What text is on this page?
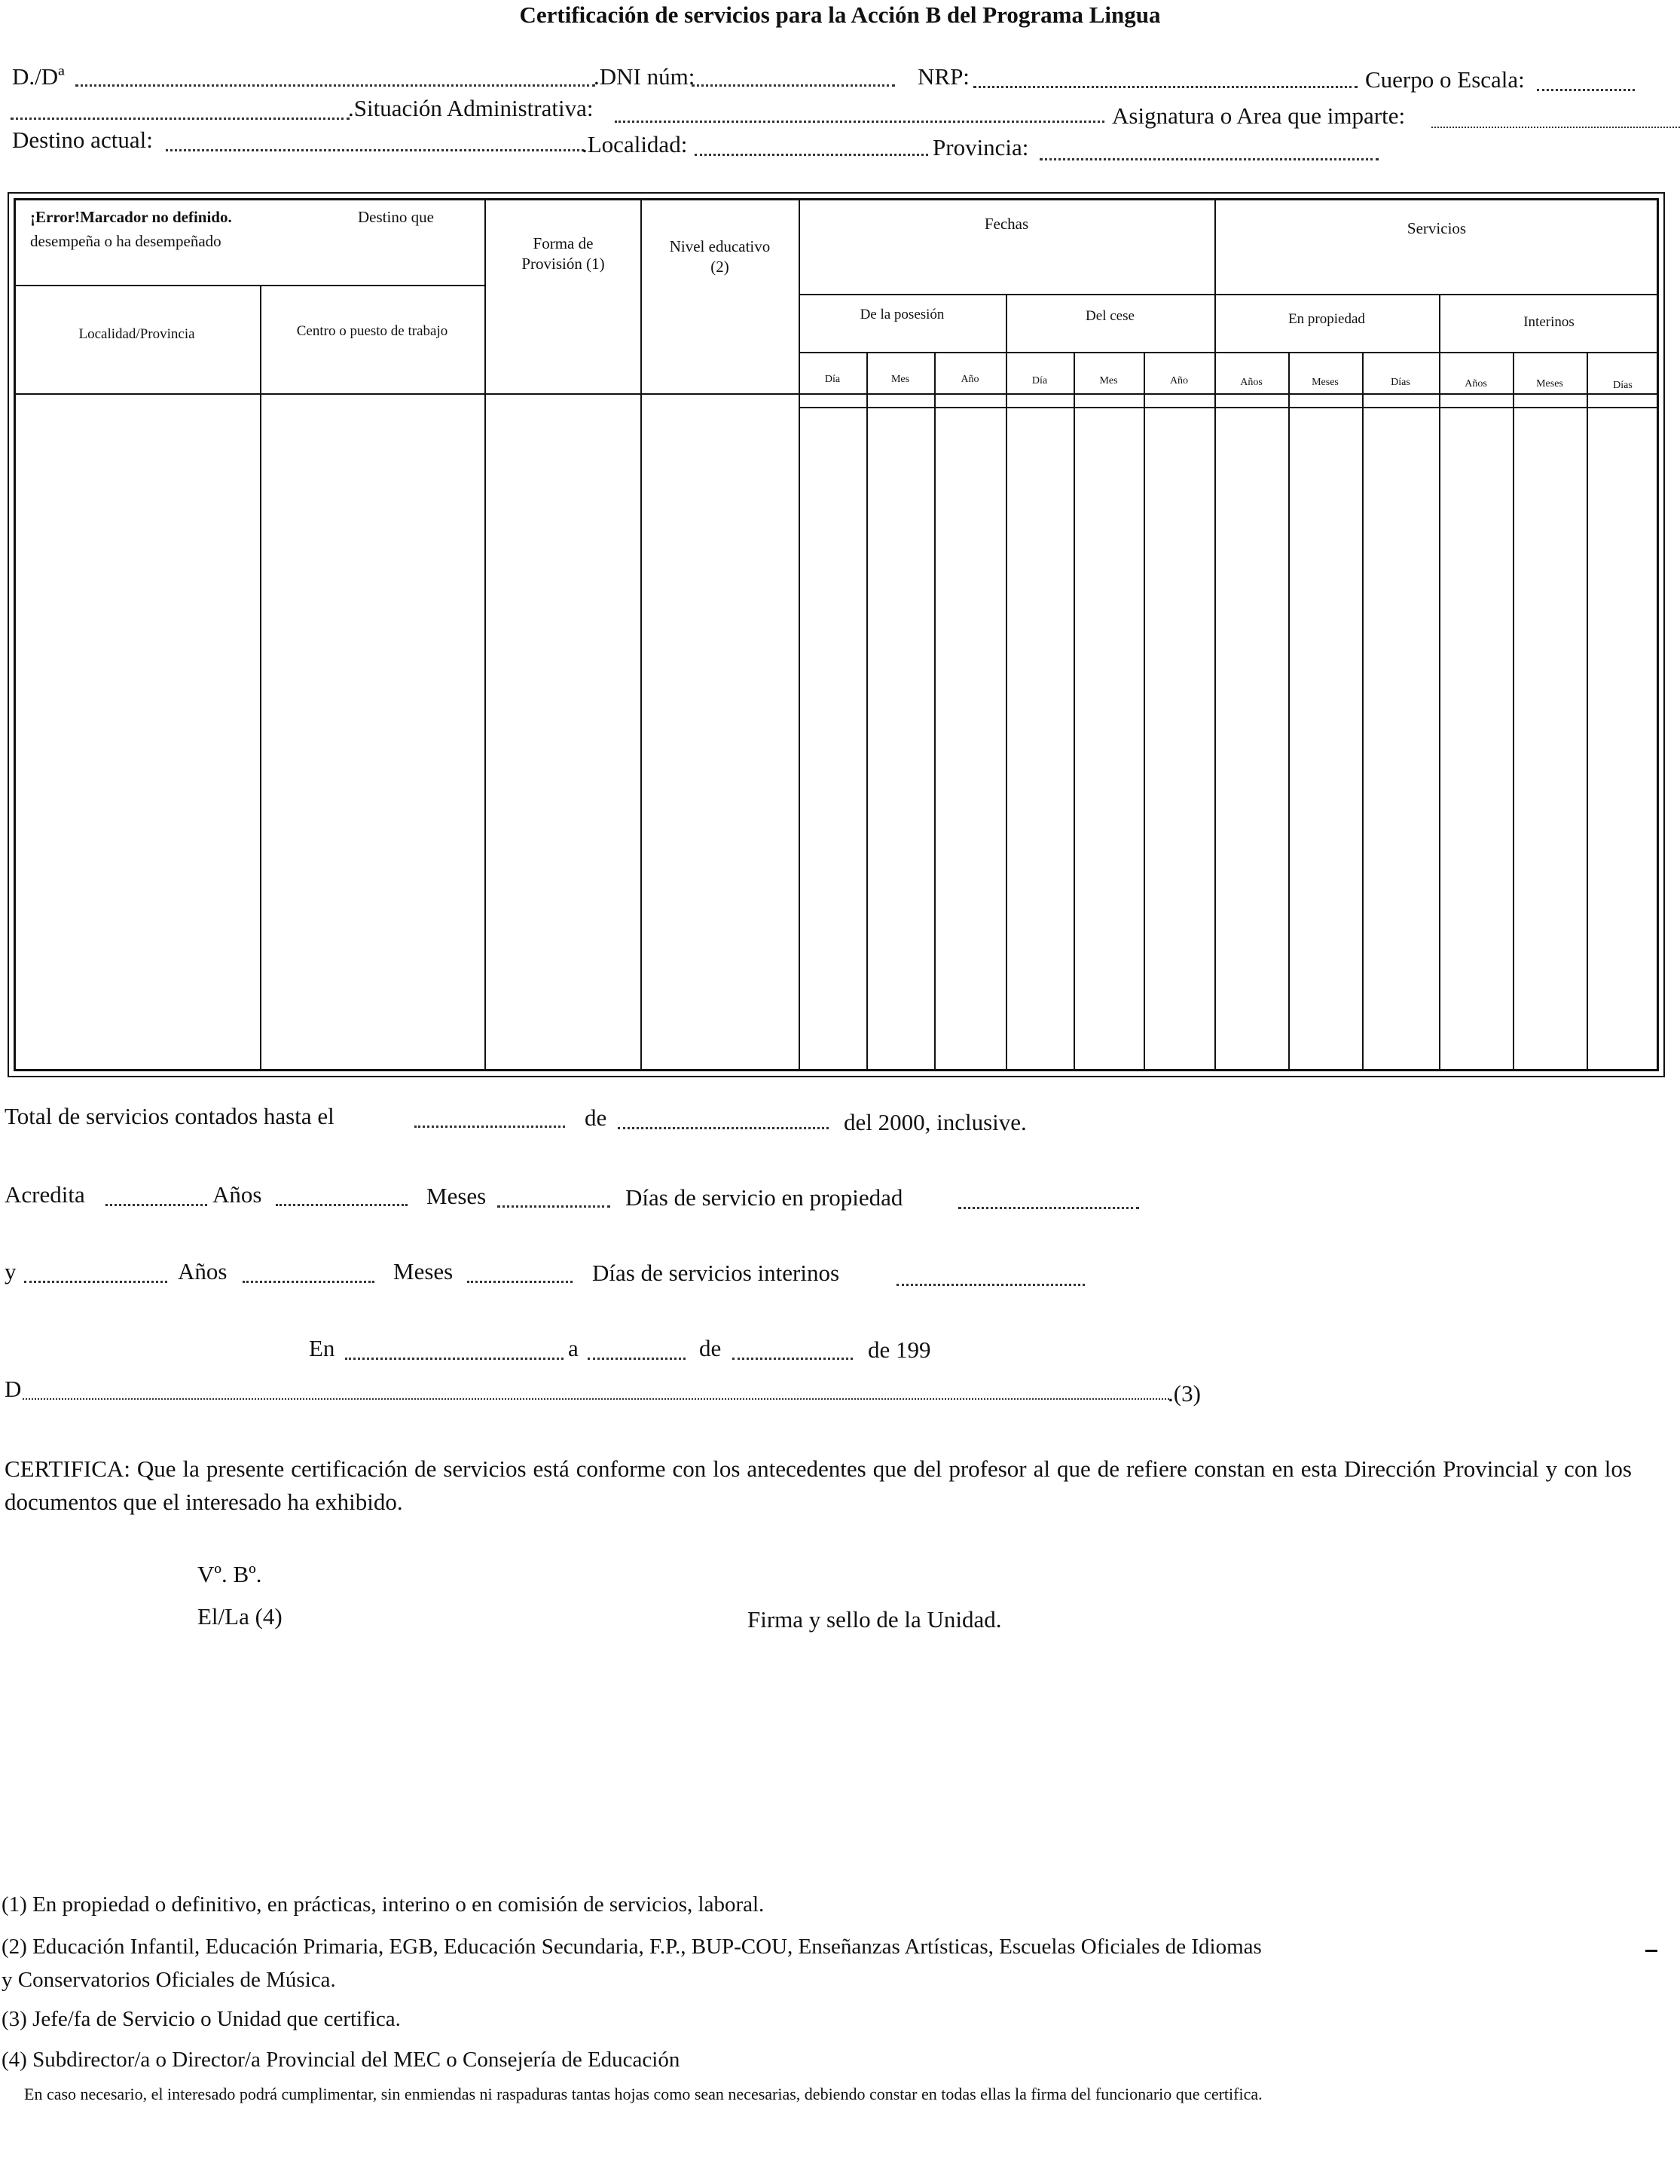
Certificación de servicios para la Acción B del Programa Lingua
D./Dª	.DNI núm:	NRP:	Cuerpo o Escala:
.Situación Administrativa:	Asignatura o Area que imparte:
Destino actual:	.Localidad:	Provincia:
¡Error!Marcador no definido.	Destino que
desempeña o ha desempeñado
Localidad/Provincia	Centro o puesto de trabajo
Forma de Provisión (1)
Nivel educativo (2)
Fechas
De la posesión	Del cese
Servicios
En propiedad	Interinos
Día	Mes	Año	Día	Mes	Año	Años	Meses	Días	Años	Meses	Días
Total de servicios contados hasta el	de	del 2000, inclusive.
Acredita	Años	Meses	Días de servicio en propiedad
y	Años	Meses	Días de servicios interinos
En	a	de	de 199
D	.(3)
CERTIFICA: Que la presente certificación de servicios está conforme con los antecedentes que del profesor al que de refiere constan en esta Dirección Provincial y con los documentos que el interesado ha exhibido.
Vº. Bº.
El/La (4)	Firma y sello de la Unidad.
(1) En propiedad o definitivo, en prácticas, interino o en comisión de servicios, laboral.
(2) Educación Infantil, Educación Primaria, EGB, Educación Secundaria, F.P., BUP-COU, Enseñanzas Artísticas, Escuelas Oficiales de Idiomas
y Conservatorios Oficiales de Música.
(3) Jefe/fa de Servicio o Unidad que certifica.
(4) Subdirector/a o Director/a Provincial del MEC o Consejería de Educación
En caso necesario, el interesado podrá cumplimentar, sin enmiendas ni raspaduras tantas hojas como sean necesarias, debiendo constar en todas ellas la firma del funcionario que certifica.
